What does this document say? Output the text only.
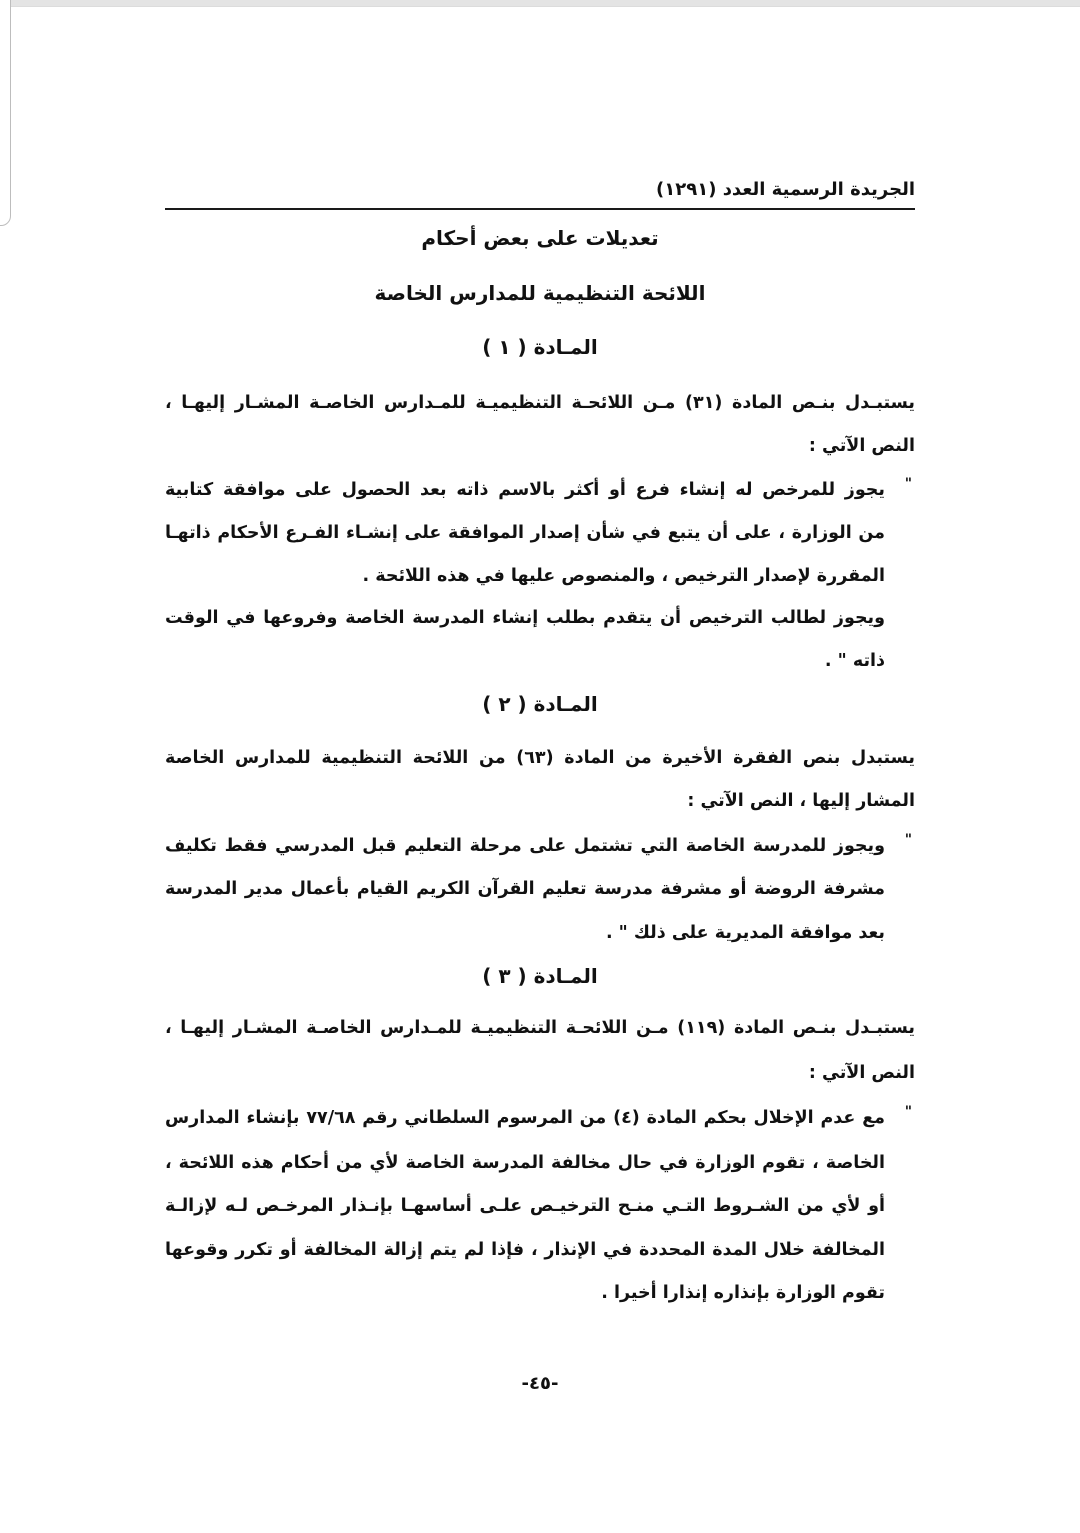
الجريدة الرسمية العدد (١٢٩١)
تعديلات على بعض أحكام
اللائحة التنظيمية للمدارس الخاصة
المـادة ( ١ )
يستبـدل بنـص المادة (٣١) مـن اللائحـة التنظيميـة للمـدارس الخاصـة المشـار إليهـا ،
النص الآتي :
"
يجوز للمرخص له إنشاء فرع أو أكثر بالاسم ذاته بعد الحصول على موافقة كتابية
من الوزارة ، على أن يتبع في شأن إصدار الموافقة على إنشـاء الفـرع الأحكام ذاتهـا
المقررة لإصدار الترخيص ، والمنصوص عليها في هذه اللائحة .
ويجوز لطالب الترخيص أن يتقدم بطلب إنشاء المدرسة الخاصة وفروعها في الوقت
ذاته " .
المـادة ( ٢ )
يستبدل بنص الفقرة الأخيرة من المادة (٦٣) من اللائحة التنظيمية للمدارس الخاصة
المشار إليها ، النص الآتي :
"
ويجوز للمدرسة الخاصة التي تشتمل على مرحلة التعليم قبل المدرسي فقط تكليف
مشرفة الروضة أو مشرفة مدرسة تعليم القرآن الكريم القيام بأعمال مدير المدرسة
بعد موافقة المديرية على ذلك " .
المـادة ( ٣ )
يستبـدل بنـص المادة (١١٩) مـن اللائحـة التنظيميـة للمـدارس الخاصـة المشـار إليهـا ،
النص الآتي :
"
مع عدم الإخلال بحكم المادة (٤) من المرسوم السلطاني رقم ٧٧/٦٨ بإنشاء المدارس
الخاصة ، تقوم الوزارة في حال مخالفة المدرسة الخاصة لأي من أحكام هذه اللائحة ،
أو لأي من الشـروط التـي منـح الترخيـص علـى أساسهـا بإنـذار المرخـص لـه لإزالـة
المخالفة خلال المدة المحددة في الإنذار ، فإذا لم يتم إزالة المخالفة أو تكرر وقوعها
تقوم الوزارة بإنذاره إنذارا أخيرا .
-٤٥-
